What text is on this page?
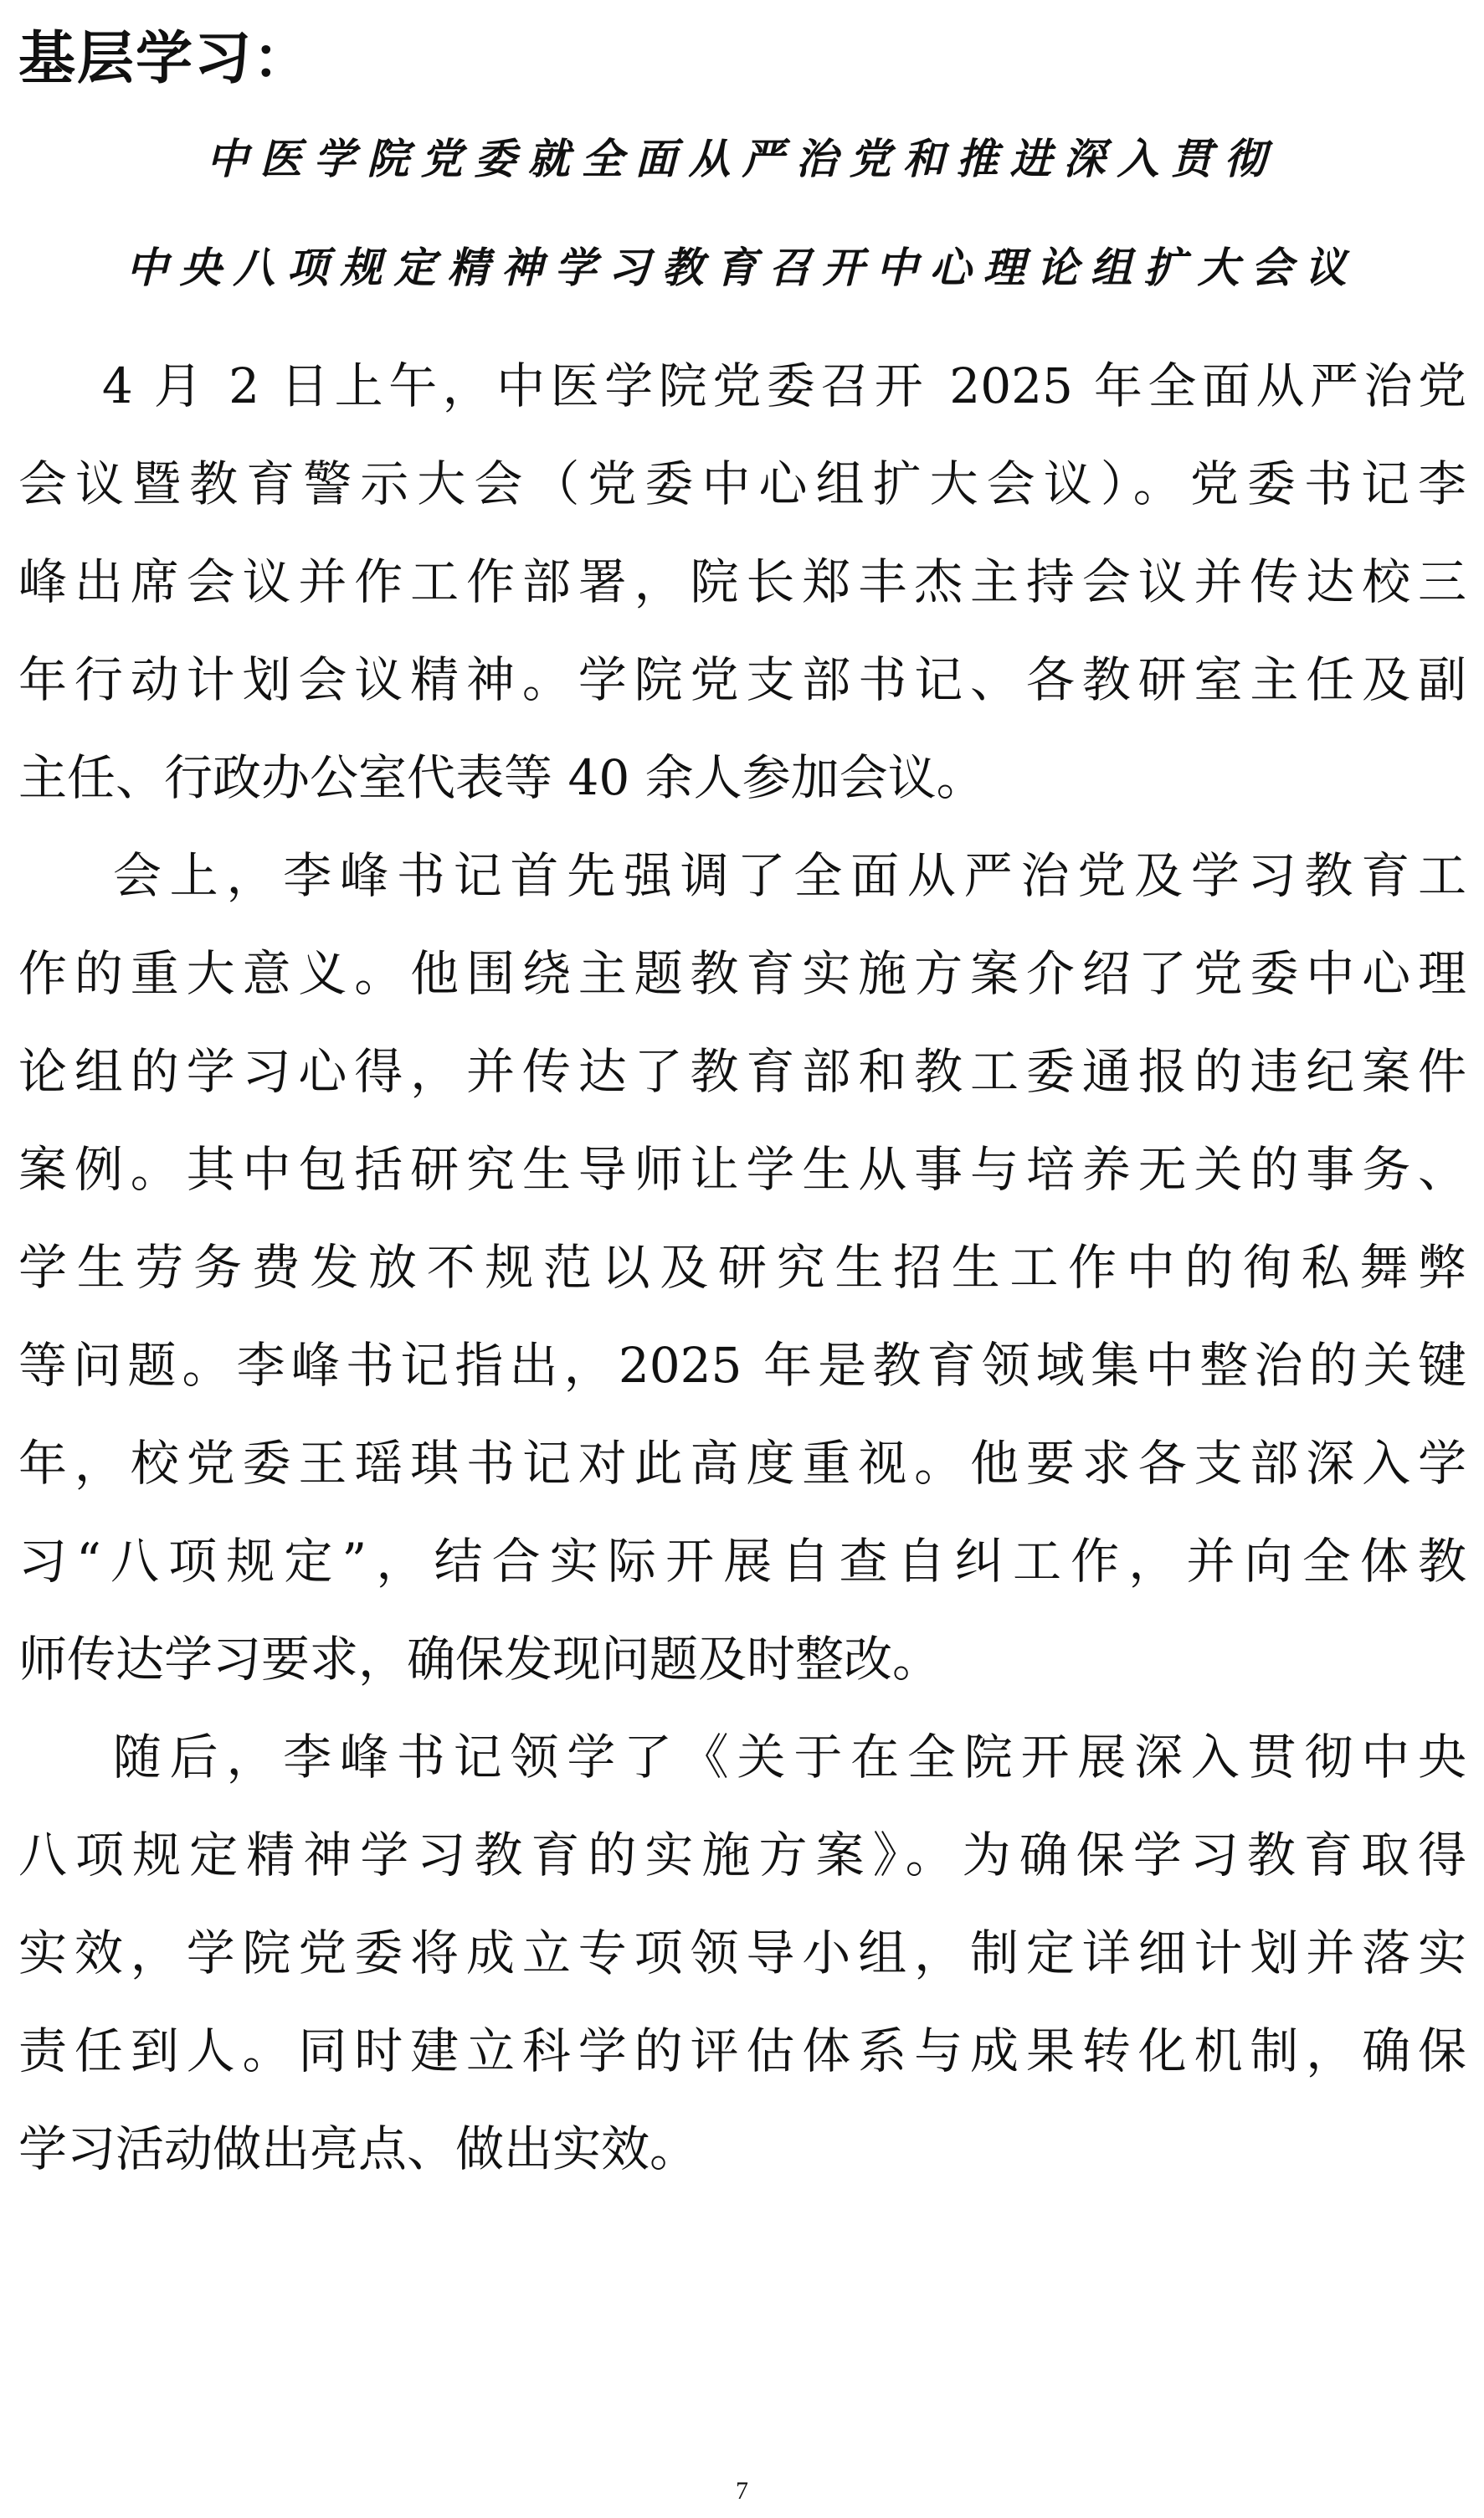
基层学习：
中医学院党委就全面从严治党和推进深入贯彻
中央八项规定精神学习教育召开中心理论组扩大会议
4 月 2 日上午，中医学院党委召开 2025 年全面从严治党
会议暨教育警示大会（党委中心组扩大会议）。党委书记李
峰出席会议并作工作部署，院长郑丰杰主持会议并传达校三
年行动计划会议精神。学院党支部书记、各教研室主任及副
主任、行政办公室代表等 40 余人参加会议。
会上，李峰书记首先强调了全面从严治党及学习教育工
作的重大意义。他围绕主题教育实施方案介绍了党委中心理
论组的学习心得，并传达了教育部和教工委通报的违纪案件
案例。其中包括研究生导师让学生从事与培养无关的事务、
学生劳务费发放不规范以及研究生招生工作中的徇私舞弊
等问题。李峰书记指出，2025 年是教育领域集中整治的关键
年，校党委王瑶琪书记对此高度重视。他要求各支部深入学
习“八项规定”，结合实际开展自查自纠工作，并向全体教
师传达学习要求，确保发现问题及时整改。
随后，李峰书记领学了《关于在全院开展深入贯彻中央
八项规定精神学习教育的实施方案》。为确保学习教育取得
实效，学院党委将成立专项领导小组，制定详细计划并落实
责任到人。同时建立科学的评估体系与成果转化机制，确保
学习活动做出亮点、做出实效。
7
